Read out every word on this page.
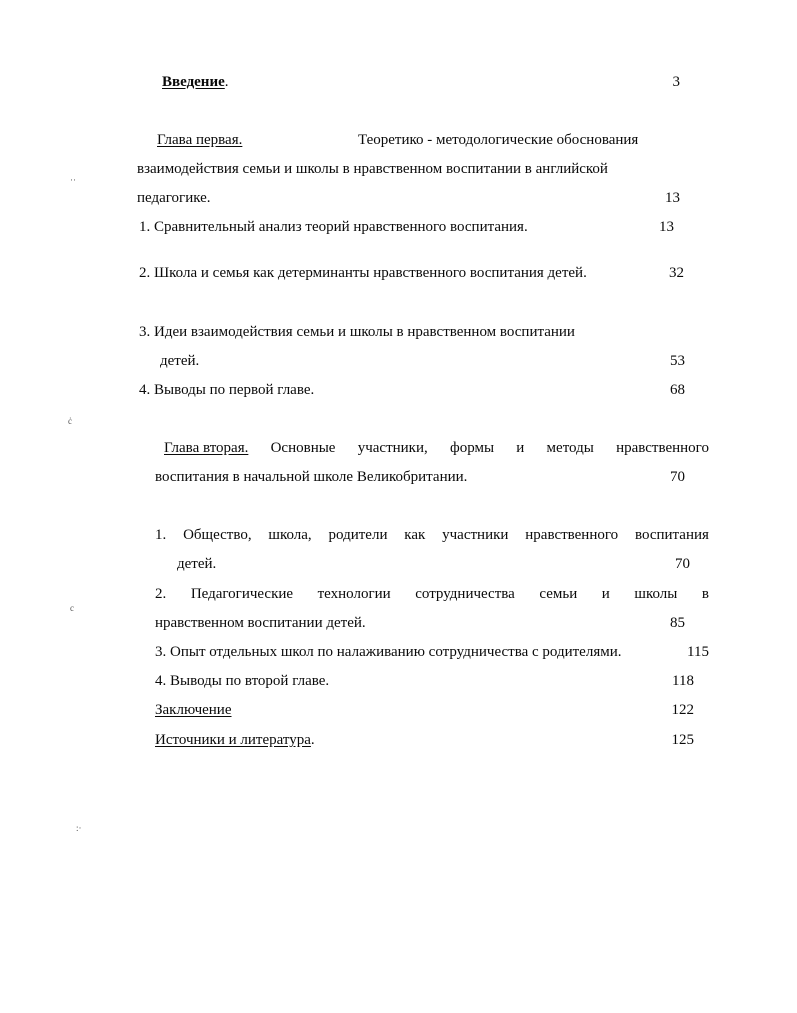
··
ċ
c
:·
Введение.	3
Глава первая.	Теоретико - методологические обоснования
взаимодействия семьи и школы в нравственном воспитании в английской
педагогике.	13
1. Сравнительный анализ теорий нравственного воспитания.	13
2. Школа и семья как детерминанты нравственного воспитания детей.	32
3. Идеи взаимодействия семьи и школы в нравственном воспитании
детей.	53
4. Выводы по первой главе.	68
Глава вторая. Основные участники, формы и методы нравственного
воспитания в начальной школе Великобритании.	70
1. Общество, школа, родители как участники нравственного воспитания
детей.	70
2. Педагогические технологии сотрудничества семьи и школы в
нравственном воспитании детей.	85
3. Опыт отдельных школ по налаживанию сотрудничества с родителями.	115
4. Выводы по второй главе.	118
Заключение	122
Источники и литература.	125
